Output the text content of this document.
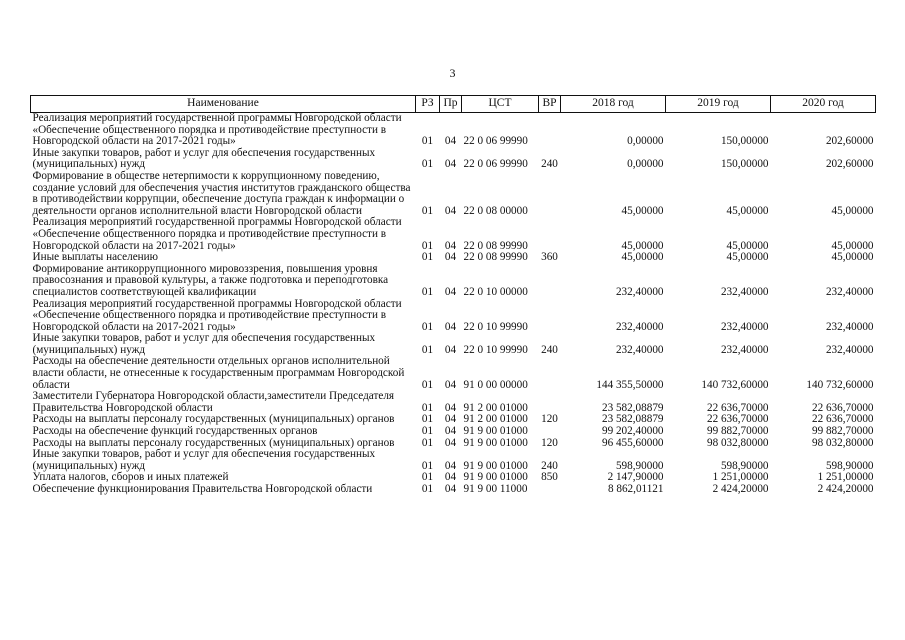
3
Наименование	РЗ	Пр	ЦСТ	ВР	2018 год	2019 год	2020 год
Реализация мероприятий государственной программы Новгородской области «Обеспечение общественного порядка и противодействие преступности в Новгородской области на 2017-2021 годы»	01	04	22 0 06 99990		0,00000	150,00000	202,60000
Иные закупки товаров, работ и услуг для обеспечения государственных (муниципальных) нужд	01	04	22 0 06 99990	240	0,00000	150,00000	202,60000
Формирование в обществе нетерпимости к коррупционному поведению, создание условий для обеспечения участия институтов гражданского общества в противодействии коррупции, обеспечение доступа граждан к информации о деятельности органов исполнительной власти Новгородской области	01	04	22 0 08 00000		45,00000	45,00000	45,00000
Реализация мероприятий государственной программы Новгородской области «Обеспечение общественного порядка и противодействие преступности в Новгородской области на 2017-2021 годы»	01	04	22 0 08 99990		45,00000	45,00000	45,00000
Иные выплаты населению	01	04	22 0 08 99990	360	45,00000	45,00000	45,00000
Формирование антикоррупционного мировоззрения, повышения уровня правосознания и правовой культуры, а также подготовка и переподготовка специалистов соответствующей квалификации	01	04	22 0 10 00000		232,40000	232,40000	232,40000
Реализация мероприятий государственной программы Новгородской области «Обеспечение общественного порядка и противодействие преступности в Новгородской области на 2017-2021 годы»	01	04	22 0 10 99990		232,40000	232,40000	232,40000
Иные закупки товаров, работ и услуг для обеспечения государственных (муниципальных) нужд	01	04	22 0 10 99990	240	232,40000	232,40000	232,40000
Расходы на обеспечение деятельности отдельных органов исполнительной власти области, не отнесенные к государственным программам Новгородской области	01	04	91 0 00 00000		144 355,50000	140 732,60000	140 732,60000
Заместители Губернатора Новгородской области,заместители Председателя Правительства Новгородской области	01	04	91 2 00 01000		23 582,08879	22 636,70000	22 636,70000
Расходы на выплаты персоналу государственных (муниципальных) органов	01	04	91 2 00 01000	120	23 582,08879	22 636,70000	22 636,70000
Расходы на обеспечение функций государственных органов	01	04	91 9 00 01000		99 202,40000	99 882,70000	99 882,70000
Расходы на выплаты персоналу государственных (муниципальных) органов	01	04	91 9 00 01000	120	96 455,60000	98 032,80000	98 032,80000
Иные закупки товаров, работ и услуг для обеспечения государственных (муниципальных) нужд	01	04	91 9 00 01000	240	598,90000	598,90000	598,90000
Уплата налогов, сборов и иных платежей	01	04	91 9 00 01000	850	2 147,90000	1 251,00000	1 251,00000
Обеспечение функционирования Правительства Новгородской области	01	04	91 9 00 11000		8 862,01121	2 424,20000	2 424,20000
